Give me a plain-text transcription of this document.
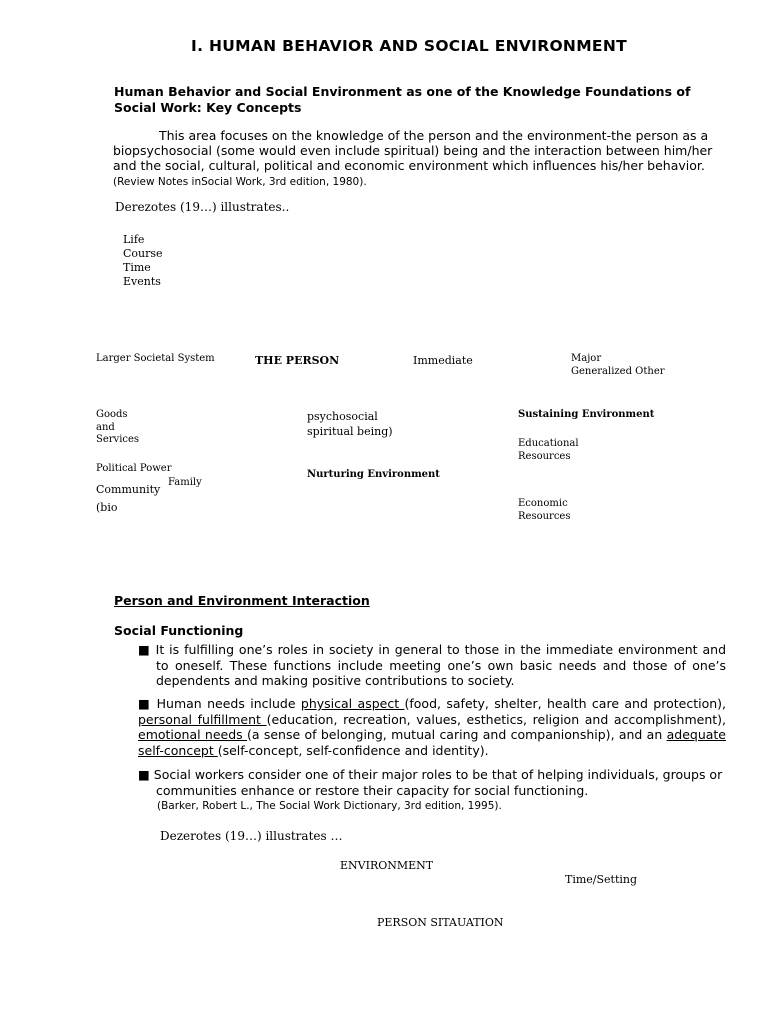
I. HUMAN BEHAVIOR AND SOCIAL ENVIRONMENT
Human Behavior and Social Environment as one of the Knowledge Foundations of Social Work: Key Concepts
This area focuses on the knowledge of the person and the environment-the person as a biopsychosocial (some would even include spiritual) being and the interaction between him/her and the social, cultural, political and economic environment which influences his/her behavior. (Review Notes inSocial Work, 3rd edition, 1980).
Derezotes (19…) illustrates..
Life
Course
Time
Events
Larger Societal System	THE PERSON	Immediate	Major
Generalized Other
Goods
and
Services
psychosocial
spiritual being)
Sustaining Environment
Educational
Resources
Political Power
Family
Community
Nurturing Environment
(bio	Economic
Resources
Person and Environment Interaction
Social Functioning

■ It is fulfilling one’s roles in society in general to those in the immediate environment and to oneself. These functions include meeting one’s own basic needs and those of one’s dependents and making positive contributions to society.

■ Human needs include physical aspect (food, safety, shelter, health care and protection), personal fulfillment (education, recreation, values, esthetics, religion and accomplishment), emotional needs (a sense of belonging, mutual caring and companionship), and an adequate self-concept (self-concept, self-confidence and identity).

■ Social workers consider one of their major roles to be that of helping individuals, groups or communities enhance or restore their capacity for social functioning.

(Barker, Robert L., The Social Work Dictionary, 3rd edition, 1995).
Dezerotes (19…) illustrates …
ENVIRONMENT
Time/Setting
PERSON SITAUATION
